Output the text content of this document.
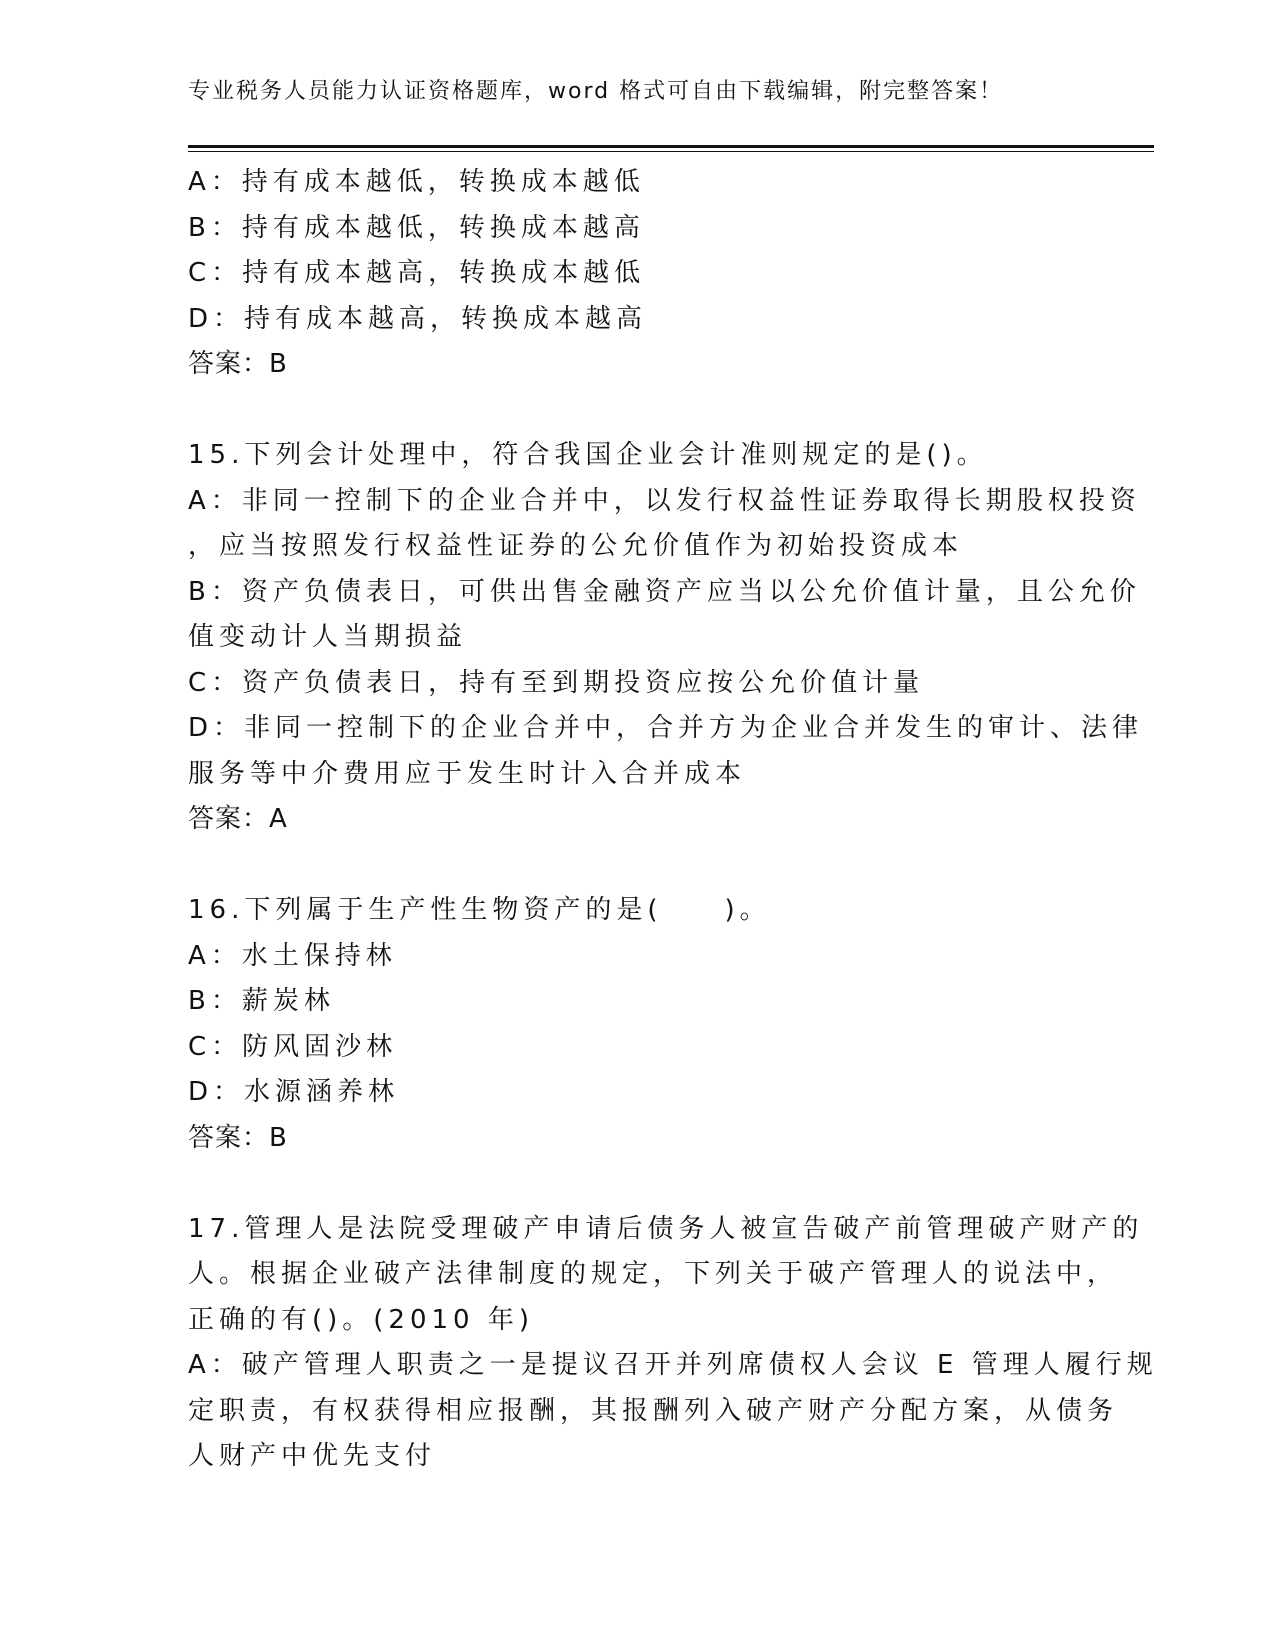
专业税务人员能力认证资格题库，word 格式可自由下载编辑，附完整答案！
A：持有成本越低，转换成本越低
B：持有成本越低，转换成本越高
C：持有成本越高，转换成本越低
D：持有成本越高，转换成本越高
答案：B
15.下列会计处理中，符合我国企业会计准则规定的是()。
A：非同一控制下的企业合并中，以发行权益性证券取得长期股权投资
，应当按照发行权益性证券的公允价值作为初始投资成本
B：资产负债表日，可供出售金融资产应当以公允价值计量，且公允价
值变动计人当期损益
C：资产负债表日，持有至到期投资应按公允价值计量
D：非同一控制下的企业合并中，合并方为企业合并发生的审计、法律
服务等中介费用应于发生时计入合并成本
答案：A
16.下列属于生产性生物资产的是(　　)。
A：水土保持林
B：薪炭林
C：防风固沙林
D：水源涵养林
答案：B
17.管理人是法院受理破产申请后债务人被宣告破产前管理破产财产的
人。根据企业破产法律制度的规定，下列关于破产管理人的说法中，
正确的有()。(2010 年)
A：破产管理人职责之一是提议召开并列席债权人会议 E 管理人履行规
定职责，有权获得相应报酬，其报酬列入破产财产分配方案，从债务
人财产中优先支付
